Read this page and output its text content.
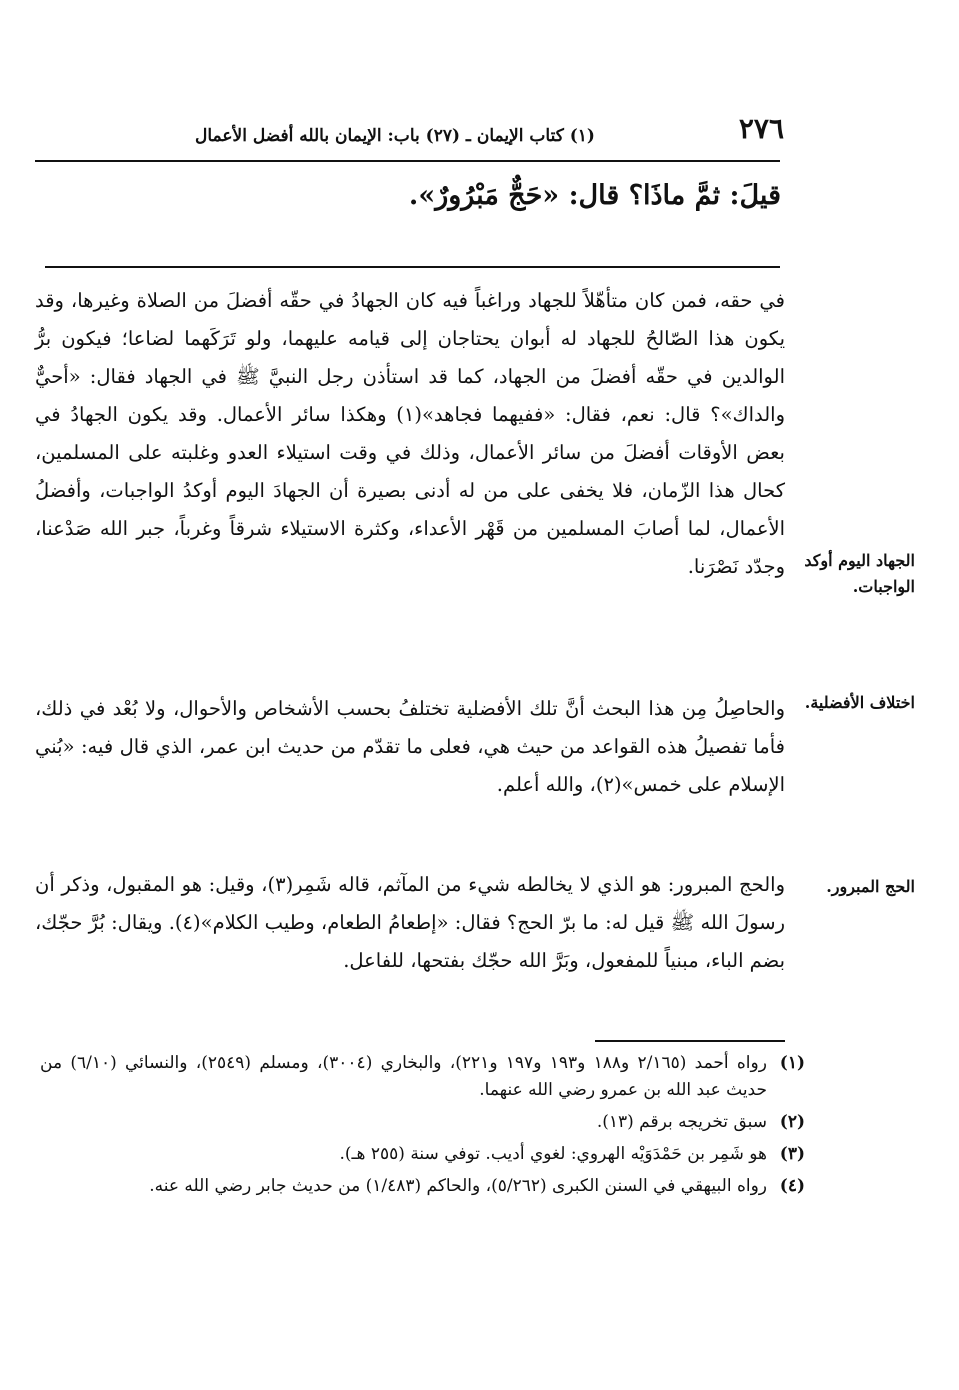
٢٧٦
(١) كتاب الإيمان ـ (٢٧) باب: الإيمان بالله أفضل الأعمال
قيلَ: ثمَّ ماذَا؟ قال: «حَجٌّ مَبْرُورٌ».

في حقه، فمن كان متأهّلاً للجهاد وراغباً فيه كان الجهادُ في حقّه أفضلَ من الصلاة وغيرها، وقد يكون هذا الصّالحُ للجهاد له أبوان يحتاجان إلى قيامه عليهما، ولو تَرَكَهما لضاعا؛ فيكون برُّ الوالدين في حقّه أفضلَ من الجهاد، كما قد استأذن رجل النبيَّ ﷺ في الجهاد فقال: «أحيٌّ والداك»؟ قال: نعم، فقال: «ففيهما فجاهد»(١) وهكذا سائر الأعمال. وقد يكون الجهادُ في بعض الأوقات أفضلَ من سائر الأعمال، وذلك في وقت استيلاء العدو وغلبته على المسلمين، كحال هذا الزّمان، فلا يخفى على من له أدنى بصيرة أن الجهادَ اليوم أوكدُ الواجبات، وأفضلُ الأعمال، لما أصابَ المسلمين من قَهْر الأعداء، وكثرة الاستيلاء شرقاً وغرباً، جبر الله صَدْعنا، وجدّد نَصْرَنا.

والحاصِلُ مِن هذا البحث أنَّ تلك الأفضلية تختلفُ بحسب الأشخاص والأحوال، ولا بُعْد في ذلك، فأما تفصيلُ هذه القواعد من حيث هي، فعلى ما تقدّم من حديث ابن عمر، الذي قال فيه: «بُني الإسلام على خمس»(٢)، والله أعلم.

والحج المبرور: هو الذي لا يخالطه شيء من المآثم، قاله شَمِر(٣)، وقيل: هو المقبول، وذكر أن رسولَ الله ﷺ قيل له: ما برّ الحج؟ فقال: «إطعامُ الطعام، وطيب الكلام»(٤). ويقال: بُرَّ حجّك، بضم الباء، مبنياً للمفعول، وبَرَّ الله حجّك بفتحها، للفاعل.

الجهاد اليوم أوكد الواجبات.
اختلاف الأفضلية.
الحج المبرور.
(١)
رواه أحمد (٢/١٦٥ و١٨٨ و١٩٣ و١٩٧ و٢٢١)، والبخاري (٣٠٠٤)، ومسلم (٢٥٤٩)، والنسائي (٦/١٠) من حديث عبد الله بن عمرو رضي الله عنهما.
(٢)
سبق تخريجه برقم (١٣).
(٣)
هو شَمِر بن حَمْدَوَيْه الهروي: لغوي أديب. توفي سنة (٢٥٥ هـ).
(٤)
رواه البيهقي في السنن الكبرى (٥/٢٦٢)، والحاكم (١/٤٨٣) من حديث جابر رضي الله عنه.
